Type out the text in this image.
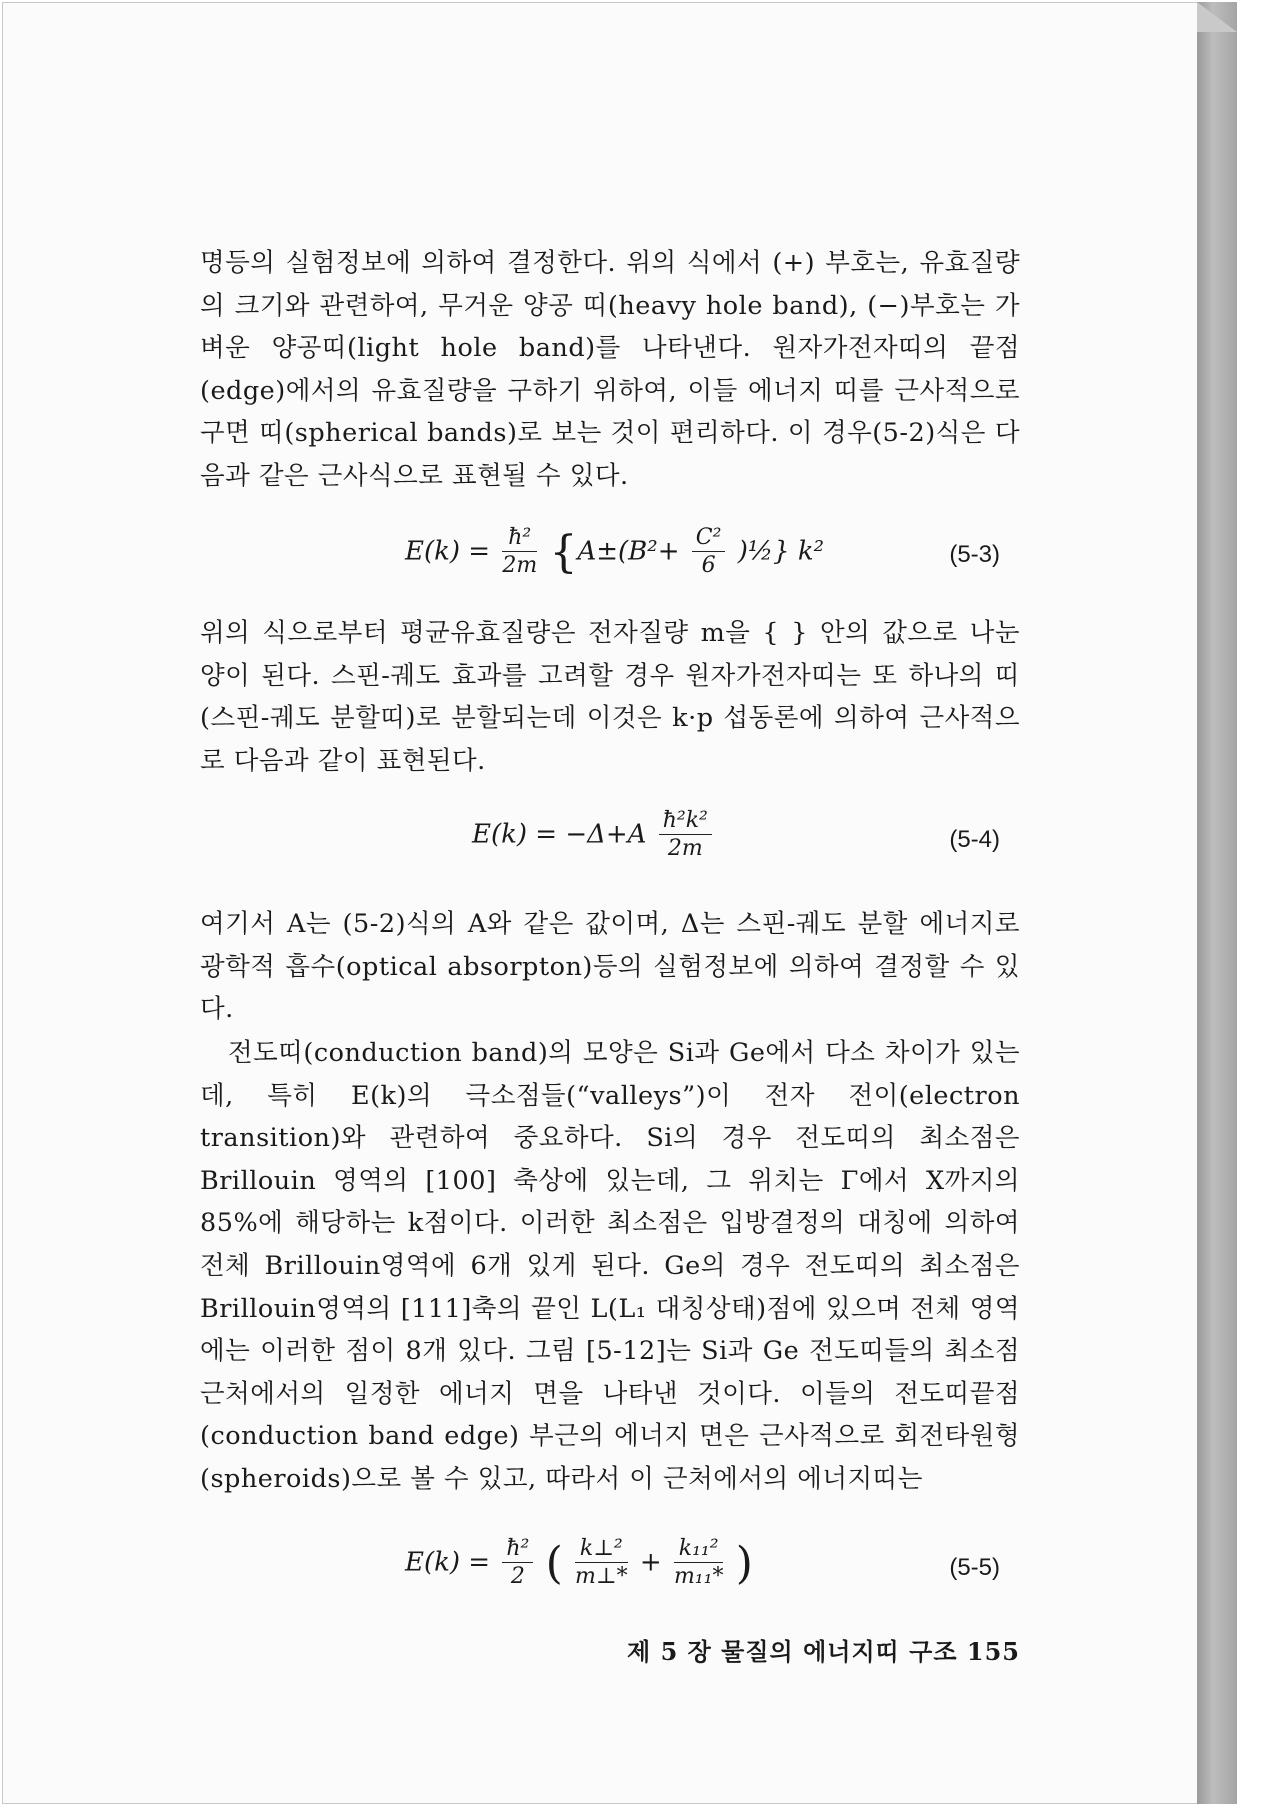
명등의 실험정보에 의하여 결정한다. 위의 식에서 (+) 부호는, 유효질량의 크기와 관련하여, 무거운 양공 띠(heavy hole band), (−)부호는 가벼운 양공띠(light hole band)를 나타낸다. 원자가전자띠의 끝점(edge)에서의 유효질량을 구하기 위하여, 이들 에너지 띠를 근사적으로 구면 띠(spherical bands)로 보는 것이 편리하다. 이 경우(5-2)식은 다음과 같은 근사식으로 표현될 수 있다.

$E(k) = \frac{\text{ħ²}}{2m} \{A\pm(B^2+ \frac{\text{C²}}{6}$ )½} k²	(5-3)

위의 식으로부터 평균유효질량은 전자질량 m을 { } 안의 값으로 나눈 양이 된다. 스핀-궤도 효과를 고려할 경우 원자가전자띠는 또 하나의 띠(스핀-궤도 분할띠)로 분할되는데 이것은 k·p 섭동론에 의하여 근사적으로 다음과 같이 표현된다.

$E(k) = -\Delta+A \frac{\text{ħ²k²}}{2m}$	(5-4)

여기서 A는 (5-2)식의 A와 같은 값이며, Δ는 스핀-궤도 분할 에너지로 광학적 흡수(optical absorpton)등의 실험정보에 의하여 결정할 수 있다.

전도띠(conduction band)의 모양은 Si과 Ge에서 다소 차이가 있는데, 특히 E(k)의 극소점들(“valleys”)이 전자 전이(electron transition)와 관련하여 중요하다. Si의 경우 전도띠의 최소점은 Brillouin 영역의 [100] 축상에 있는데, 그 위치는 Γ에서 X까지의 85%에 해당하는 k점이다. 이러한 최소점은 입방결정의 대칭에 의하여 전체 Brillouin영역에 6개 있게 된다. Ge의 경우 전도띠의 최소점은 Brillouin영역의 [111]축의 끝인 L(L₁ 대칭상태)점에 있으며 전체 영역에는 이러한 점이 8개 있다. 그림 [5-12]는 Si과 Ge 전도띠들의 최소점 근처에서의 일정한 에너지 면을 나타낸 것이다. 이들의 전도띠끝점(conduction band edge) 부근의 에너지 면은 근사적으로 회전타원형(spheroids)으로 볼 수 있고, 따라서 이 근처에서의 에너지띠는

$E(k) = \frac{\text{ħ²}}{2}$ ( $\frac{\text{k⊥²}}{m\perp*} + \frac{\text{k₁₁²}}{\text{m₁₁*}}$ )	(5-5)
제 5 장 물질의 에너지띠 구조 155
